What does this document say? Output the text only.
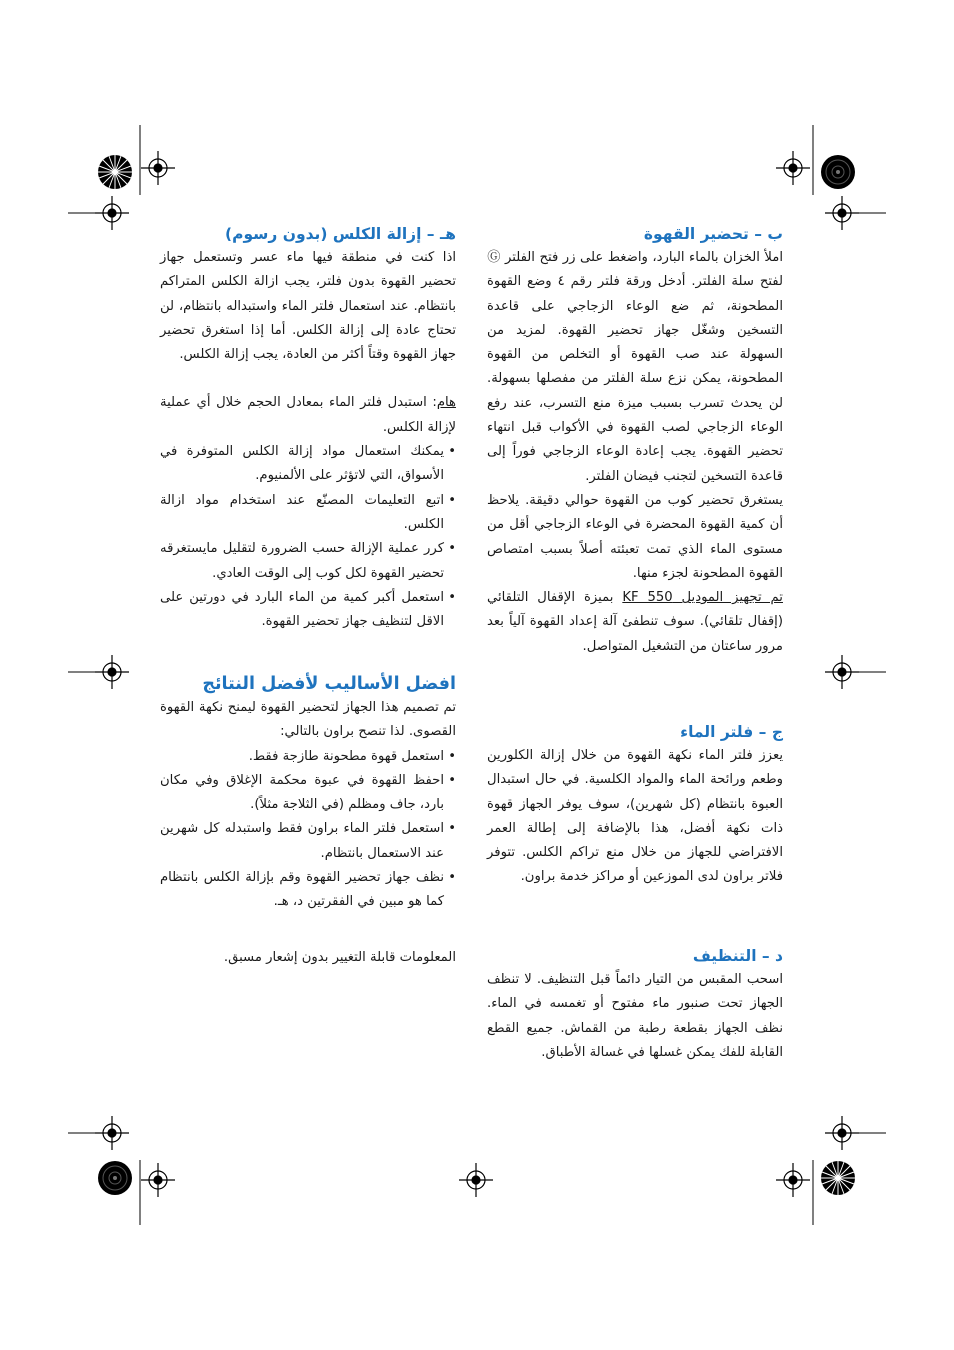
ب – تحضير القهوة

املأ الخزان بالماء البارد، واضغط على زر فتح الفلتر Ⓖ لفتح سلة الفلتر. أدخل ورقة فلتر رقم ٤ وضع القهوة المطحونة، ثم ضع الوعاء الزجاجي على قاعدة التسخين وشغّل جهاز تحضير القهوة. لمزيد من السهولة عند صب القهوة أو التخلص من القهوة المطحونة، يمكن نزع سلة الفلتر من مفصلها بسهولة. لن يحدث تسرب بسبب ميزة منع التسرب، عند رفع الوعاء الزجاجي لصب القهوة في الأكواب قبل انتهاء تحضير القهوة. يجب إعادة الوعاء الزجاجي فوراً إلى قاعدة التسخين لتجنب فيضان الفلتر.

يستغرق تحضير كوب من القهوة حوالي دقيقة. يلاحظ أن كمية القهوة المحضرة في الوعاء الزجاجي أقل من مستوى الماء الذي تمت تعبئته أصلاً بسبب امتصاص القهوة المطحونة لجزء منها.

تم تجهيز الموديل KF 550 بميزة الإقفال التلقائي (إقفال تلقائي). سوف تنطفئ آلة إعداد القهوة آلياً بعد مرور ساعتان من التشغيل المتواصل.

ج – فلتر الماء

يعزز فلتر الماء نكهة القهوة من خلال إزالة الكلورين وطعم ورائحة الماء والمواد الكلسية. في حال استبدال العبوة بانتظام (كل شهرين)، سوف يوفر الجهاز قهوة ذات نكهة أفضل، هذا بالإضافة إلى إطالة العمر الافتراضي للجهاز من خلال منع تراكم الكلس. تتوفر فلاتر براون لدى الموزعين أو مراكز خدمة براون.

د – التنظيف

اسحب المقبس من التيار دائماً قبل التنظيف. لا تنظف الجهاز تحت صنبور ماء مفتوح أو تغمسه في الماء. نظف الجهاز بقطعة رطبة من القماش. جميع القطع القابلة للفك يمكن غسلها في غسالة الأطباق.

هـ – إزالة الكلس (بدون رسوم)

اذا كنت في منطقة فيها ماء عسر وتستعمل جهاز تحضير القهوة بدون فلتر، يجب ازالة الكلس المتراكم بانتظام. عند استعمال فلتر الماء واستبداله بانتظام، لن تحتاج عادة إلى إزالة الكلس. أما إذا استغرق تحضير جهاز القهوة وقتاً أكثر من العادة، يجب إزالة الكلس.

هام: استبدل فلتر الماء بمعادل الحجم خلال أي عملية لإزالة الكلس.

• يمكنك استعمال مواد إزالة الكلس المتوفرة في الأسواق، التي لاتؤثر على الألمنيوم.
• اتبع التعليمات المصنّع عند استخدام مواد ازالة الكلس.
• كرر عملية الإزالة حسب الضرورة لتقليل مايستغرقه تحضير القهوة لكل كوب إلى الوقت العادي.
• استعمل أكبر كمية من الماء البارد في دورتين على الاقل لتنظيف جهاز تحضير القهوة.
افضل الأساليب لأفضل النتائج

تم تصميم هذا الجهاز لتحضير القهوة ليمنح نكهة القهوة القصوى. لذا تنصح براون بالتالي:

• استعمل قهوة مطحونة طازجة فقط.
• احفظ القهوة في عبوة محكمة الإغلاق وفي مكان بارد، جاف ومظلم (في الثلاجة مثلاً).
• استعمل فلتر الماء براون فقط واستبدله كل شهرين عند الاستعمال بانتظام.
• نظف جهاز تحضير القهوة وقم بإزالة الكلس بانتظام كما هو مبين في الفقرتين د، هـ.

المعلومات قابلة التغيير بدون إشعار مسبق.
